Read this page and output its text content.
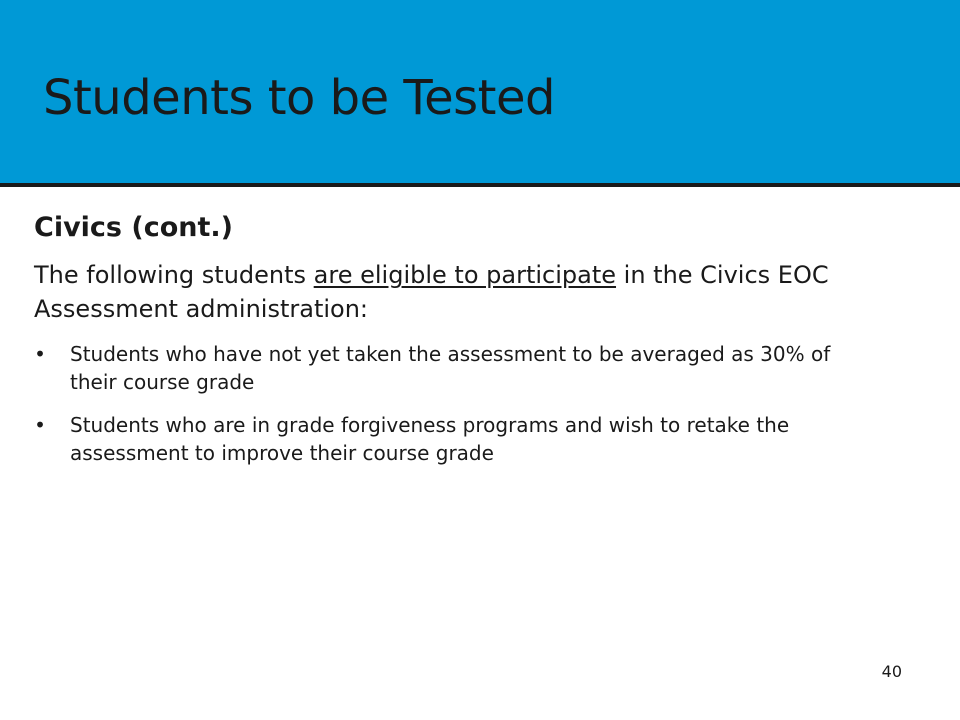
Students to be Tested
Civics (cont.)

The following students are eligible to participate in the Civics EOC Assessment administration:

• Students who have not yet taken the assessment to be averaged as 30% of their course grade
• Students who are in grade forgiveness programs and wish to retake the assessment to improve their course grade
40
